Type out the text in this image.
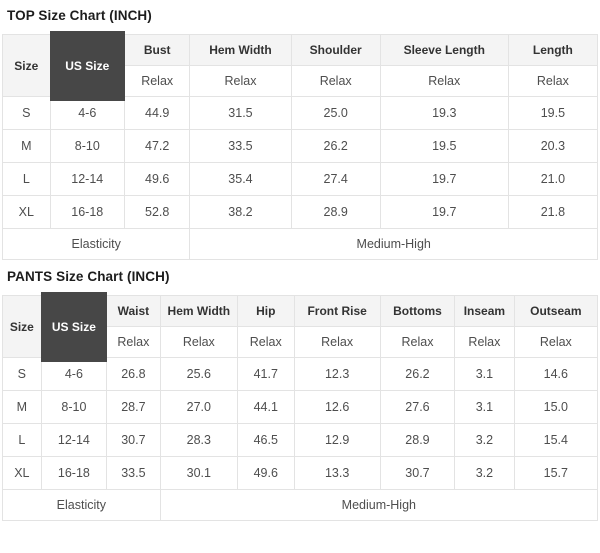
TOP Size Chart (INCH)
Size	US Size	Bust	Hem Width	Shoulder	Sleeve Length	Length
		Relax	Relax	Relax	Relax	Relax
S	4-6	44.9	31.5	25.0	19.3	19.5
M	8-10	47.2	33.5	26.2	19.5	20.3
L	12-14	49.6	35.4	27.4	19.7	21.0
XL	16-18	52.8	38.2	28.9	19.7	21.8
Elasticity			Medium-High			
PANTS Size Chart (INCH)
Size	US Size	Waist	Hem Width	Hip	Front Rise	Bottoms	Inseam	Outseam
		Relax	Relax	Relax	Relax	Relax	Relax	Relax
S	4-6	26.8	25.6	41.7	12.3	26.2	3.1	14.6
M	8-10	28.7	27.0	44.1	12.6	27.6	3.1	15.0
L	12-14	30.7	28.3	46.5	12.9	28.9	3.2	15.4
XL	16-18	33.5	30.1	49.6	13.3	30.7	3.2	15.7
Elasticity			Medium-High					
